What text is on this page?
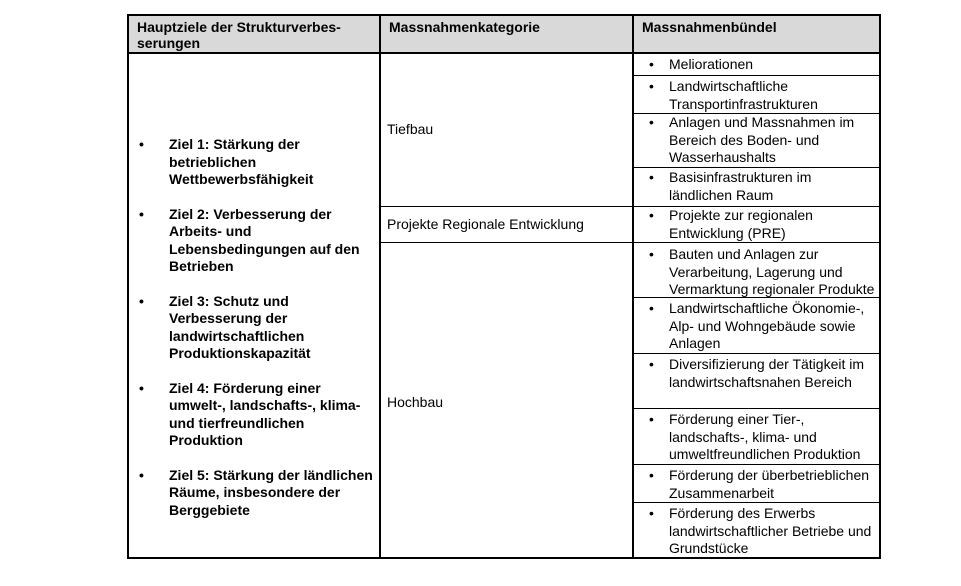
Hauptziele der Strukturverbes-
serungen
Massnahmenkategorie	Massnahmenbündel
• Ziel 1: Stärkung der betrieblichen Wettbewerbsfähigkeit
• Ziel 2: Verbesserung der Arbeits- und Lebensbedingungen auf den Betrieben
• Ziel 3: Schutz und Verbesserung der landwirtschaftlichen Produktionskapazität
• Ziel 4: Förderung einer umwelt-, landschafts-, klima- und tierfreundlichen Produktion
• Ziel 5: Stärkung der ländlichen Räume, insbesondere der Berggebiete
Tiefbau
Projekte Regionale Entwicklung
Hochbau
• Meliorationen
• Landwirtschaftliche Transportinfrastrukturen
• Anlagen und Massnahmen im Bereich des Boden- und Wasserhaushalts
• Basisinfrastrukturen im ländlichen Raum
• Projekte zur regionalen Entwicklung (PRE)
• Bauten und Anlagen zur Verarbeitung, Lagerung und Vermarktung regionaler Produkte
• Landwirtschaftliche Ökonomie-, Alp- und Wohngebäude sowie Anlagen
• Diversifizierung der Tätigkeit im landwirtschaftsnahen Bereich
• Förderung einer Tier-, landschafts-, klima- und umweltfreundlichen Produktion
• Förderung der überbetrieblichen Zusammenarbeit
• Förderung des Erwerbs landwirtschaftlicher Betriebe und Grundstücke
